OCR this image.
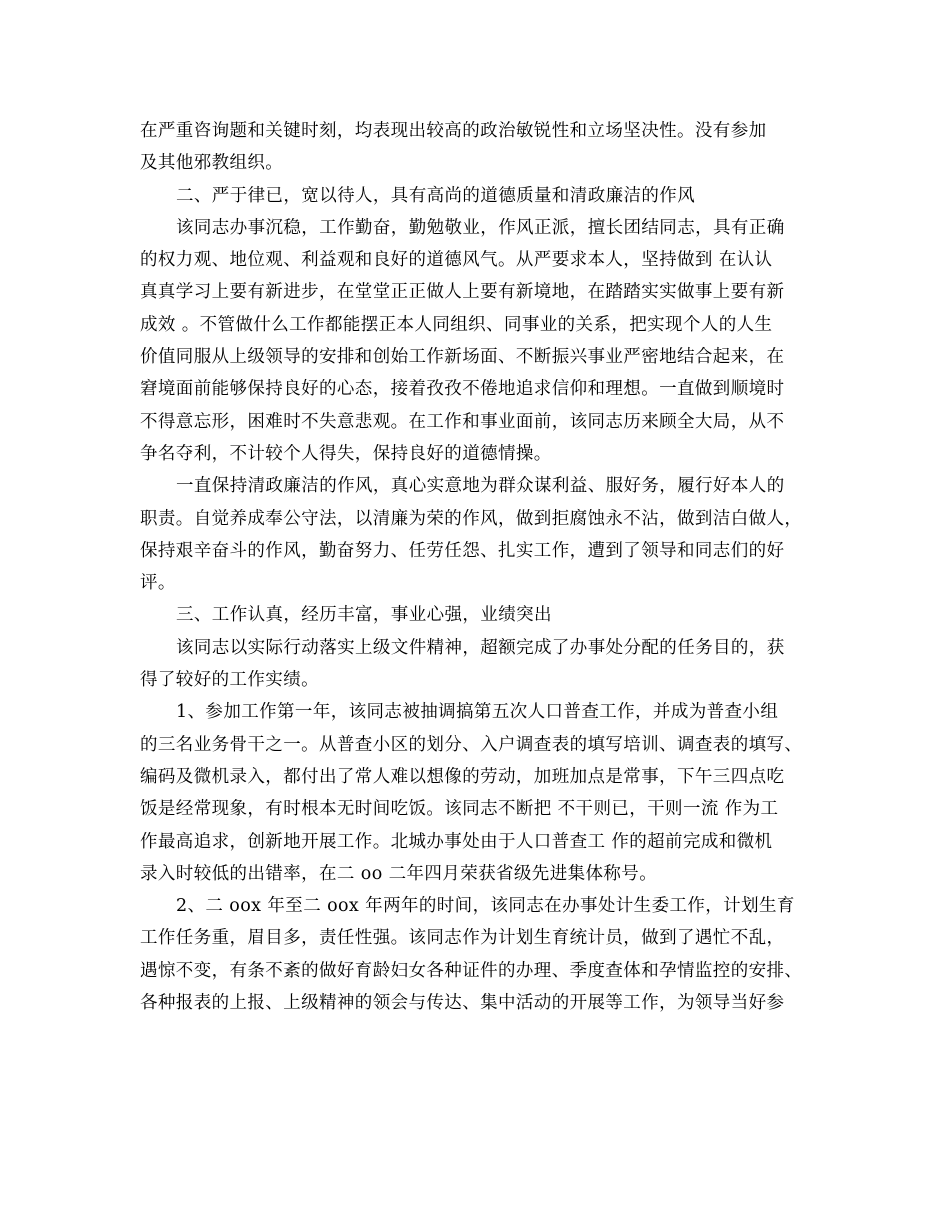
在严重咨询题和关键时刻，均表现出较高的政治敏锐性和立场坚决性。没有参加
及其他邪教组织。

二、严于律已，宽以待人，具有高尚的道德质量和清政廉洁的作风

该同志办事沉稳，工作勤奋，勤勉敬业，作风正派，擅长团结同志，具有正确
的权力观、地位观、利益观和良好的道德风气。从严要求本人，坚持做到 在认认
真真学习上要有新进步，在堂堂正正做人上要有新境地，在踏踏实实做事上要有新
成效 。不管做什么工作都能摆正本人同组织、同事业的关系，把实现个人的人生
价值同服从上级领导的安排和创始工作新场面、不断振兴事业严密地结合起来，在
窘境面前能够保持良好的心态，接着孜孜不倦地追求信仰和理想。一直做到顺境时
不得意忘形，困难时不失意悲观。在工作和事业面前，该同志历来顾全大局，从不
争名夺利，不计较个人得失，保持良好的道德情操。

一直保持清政廉洁的作风，真心实意地为群众谋利益、服好务，履行好本人的
职责。自觉养成奉公守法，以清廉为荣的作风，做到拒腐蚀永不沾，做到洁白做人，
保持艰辛奋斗的作风，勤奋努力、任劳任怨、扎实工作，遭到了领导和同志们的好
评。

三、工作认真，经历丰富，事业心强，业绩突出

该同志以实际行动落实上级文件精神，超额完成了办事处分配的任务目的，获
得了较好的工作实绩。

1、参加工作第一年，该同志被抽调搞第五次人口普查工作，并成为普查小组
的三名业务骨干之一。从普查小区的划分、入户调查表的填写培训、调查表的填写、
编码及微机录入，都付出了常人难以想像的劳动，加班加点是常事，下午三四点吃
饭是经常现象，有时根本无时间吃饭。该同志不断把 不干则已，干则一流 作为工
作最高追求，创新地开展工作。北城办事处由于人口普查工 作的超前完成和微机
录入时较低的出错率，在二 oo 二年四月荣获省级先进集体称号。

2、二 oox 年至二 oox 年两年的时间，该同志在办事处计生委工作，计划生育
工作任务重，眉目多，责任性强。该同志作为计划生育统计员，做到了遇忙不乱，
遇惊不变，有条不紊的做好育龄妇女各种证件的办理、季度查体和孕情监控的安排、
各种报表的上报、上级精神的领会与传达、集中活动的开展等工作，为领导当好参
